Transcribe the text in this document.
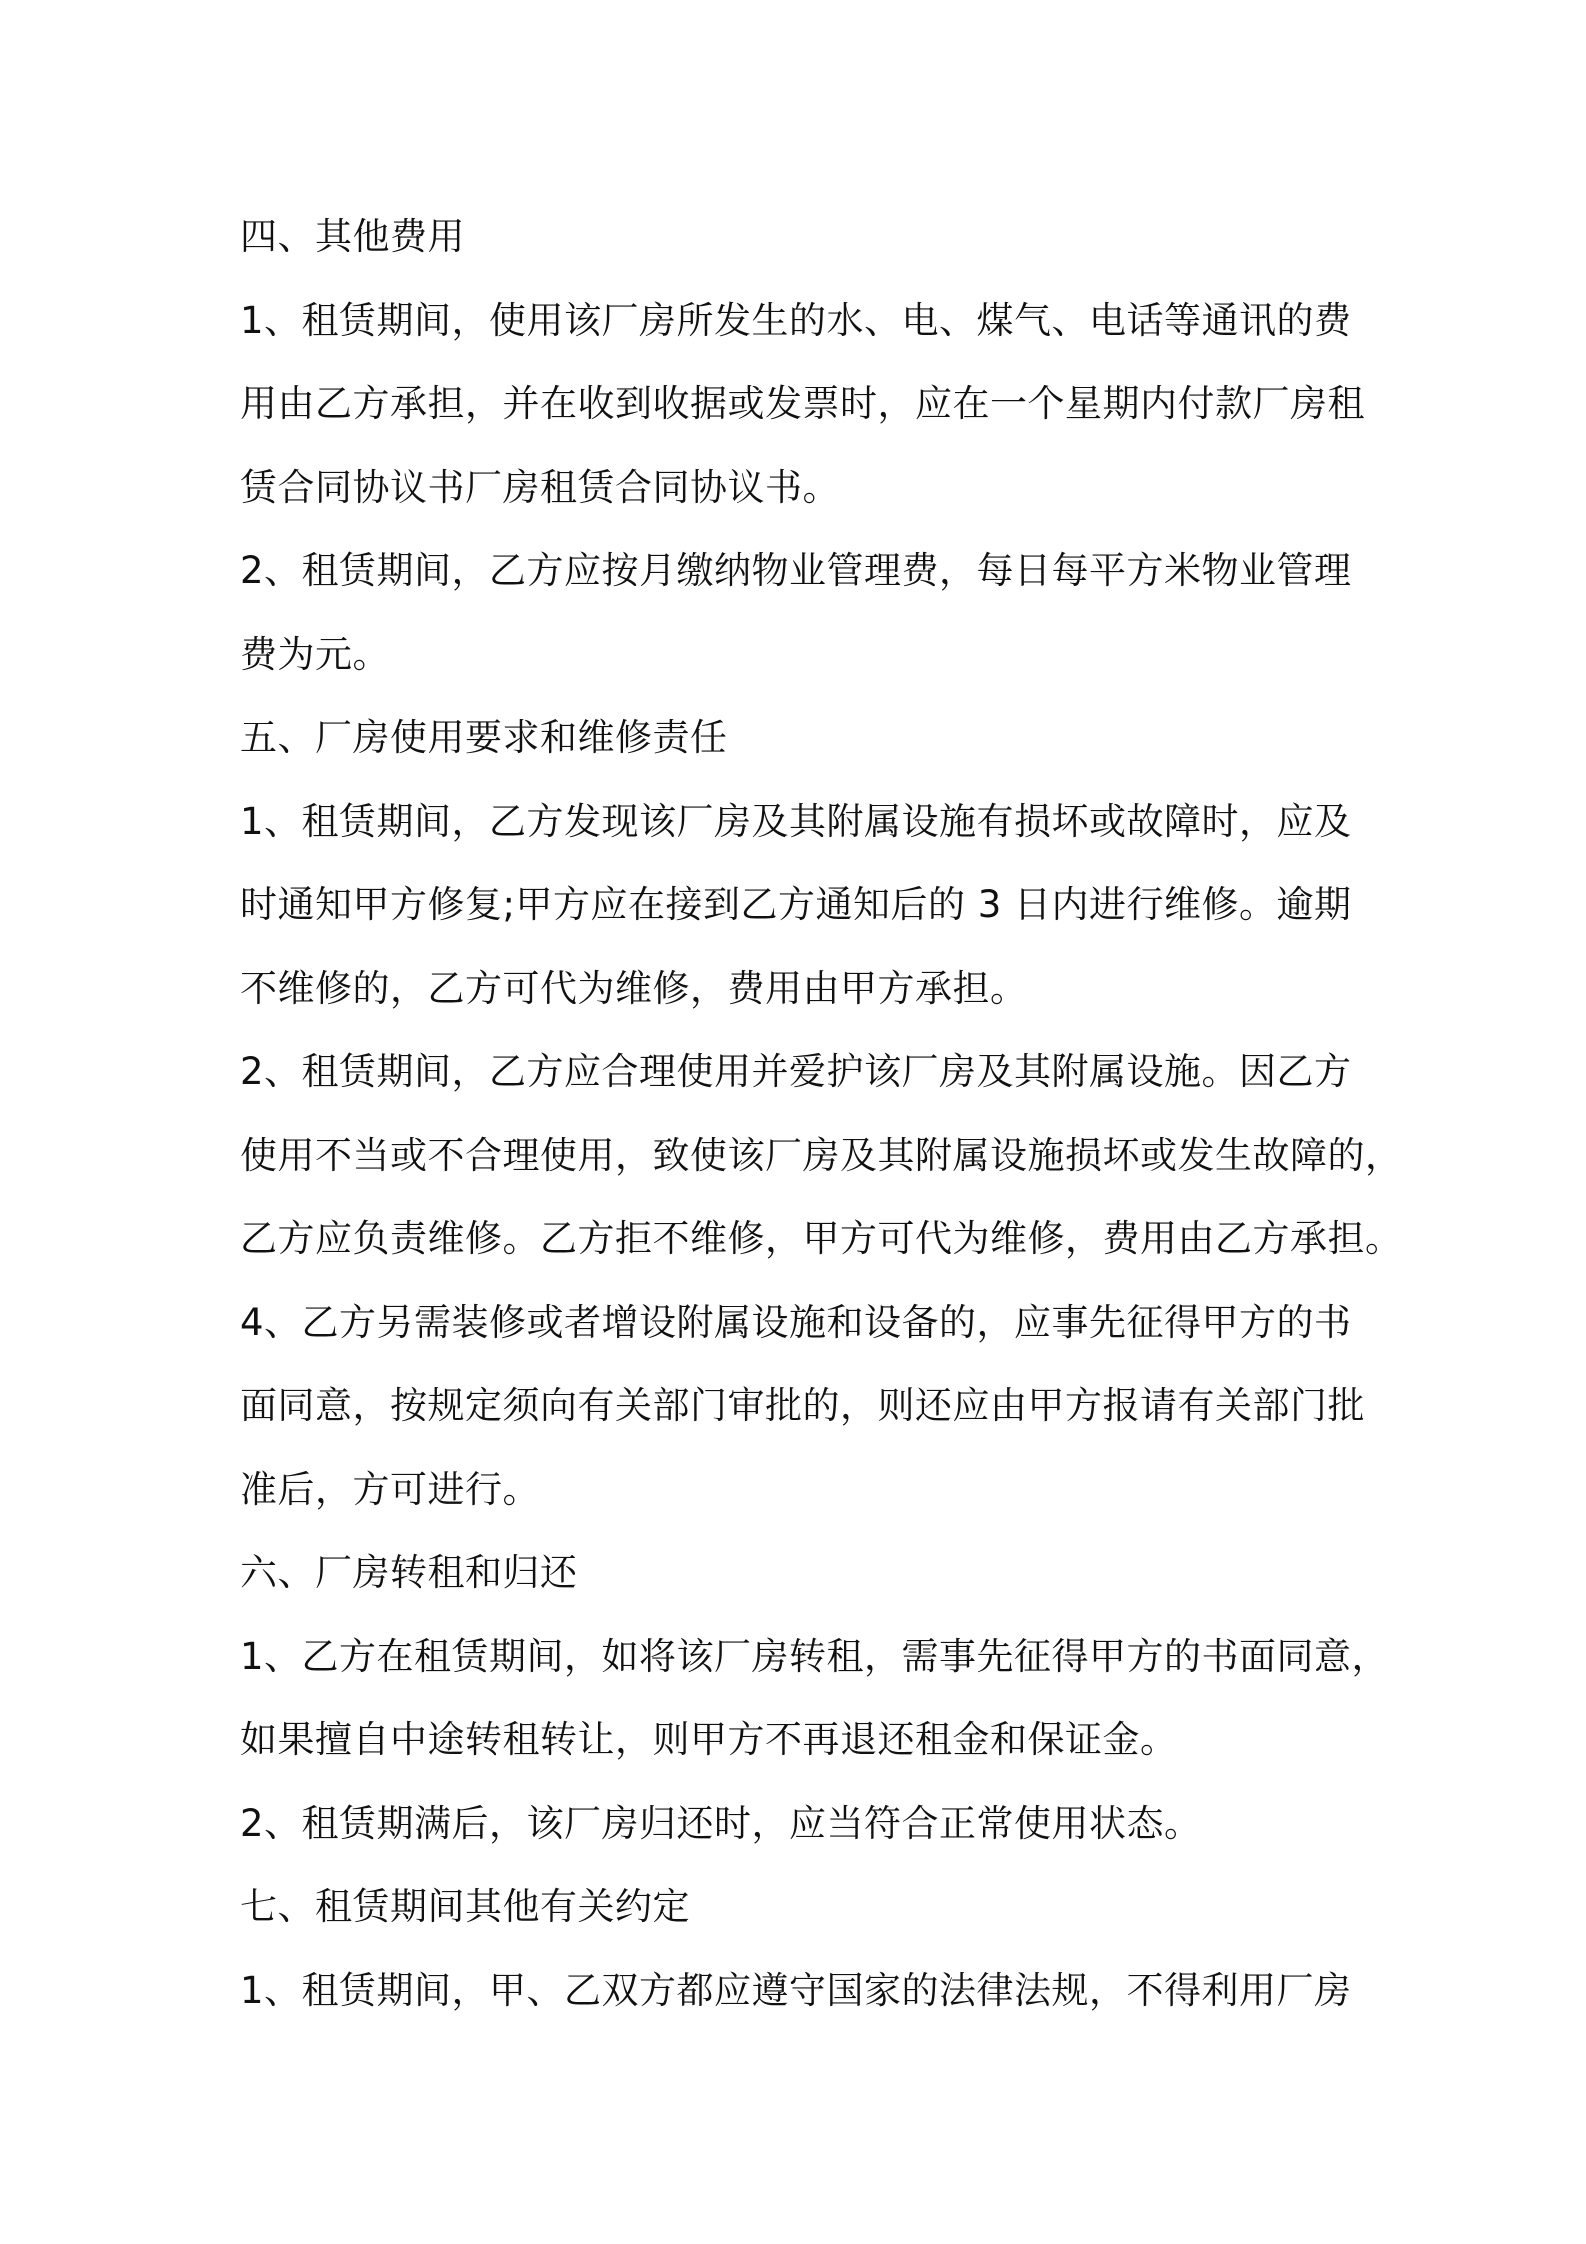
四、其他费用
1、租赁期间，使用该厂房所发生的水、电、煤气、电话等通讯的费
用由乙方承担，并在收到收据或发票时，应在一个星期内付款厂房租
赁合同协议书厂房租赁合同协议书。
2、租赁期间，乙方应按月缴纳物业管理费，每日每平方米物业管理
费为元。
五、厂房使用要求和维修责任
1、租赁期间，乙方发现该厂房及其附属设施有损坏或故障时，应及
时通知甲方修复;甲方应在接到乙方通知后的 3 日内进行维修。逾期
不维修的，乙方可代为维修，费用由甲方承担。
2、租赁期间，乙方应合理使用并爱护该厂房及其附属设施。因乙方
使用不当或不合理使用，致使该厂房及其附属设施损坏或发生故障的，
乙方应负责维修。乙方拒不维修，甲方可代为维修，费用由乙方承担。
4、乙方另需装修或者增设附属设施和设备的，应事先征得甲方的书
面同意，按规定须向有关部门审批的，则还应由甲方报请有关部门批
准后，方可进行。
六、厂房转租和归还
1、乙方在租赁期间，如将该厂房转租，需事先征得甲方的书面同意，
如果擅自中途转租转让，则甲方不再退还租金和保证金。
2、租赁期满后，该厂房归还时，应当符合正常使用状态。
七、租赁期间其他有关约定
1、租赁期间，甲、乙双方都应遵守国家的法律法规，不得利用厂房
